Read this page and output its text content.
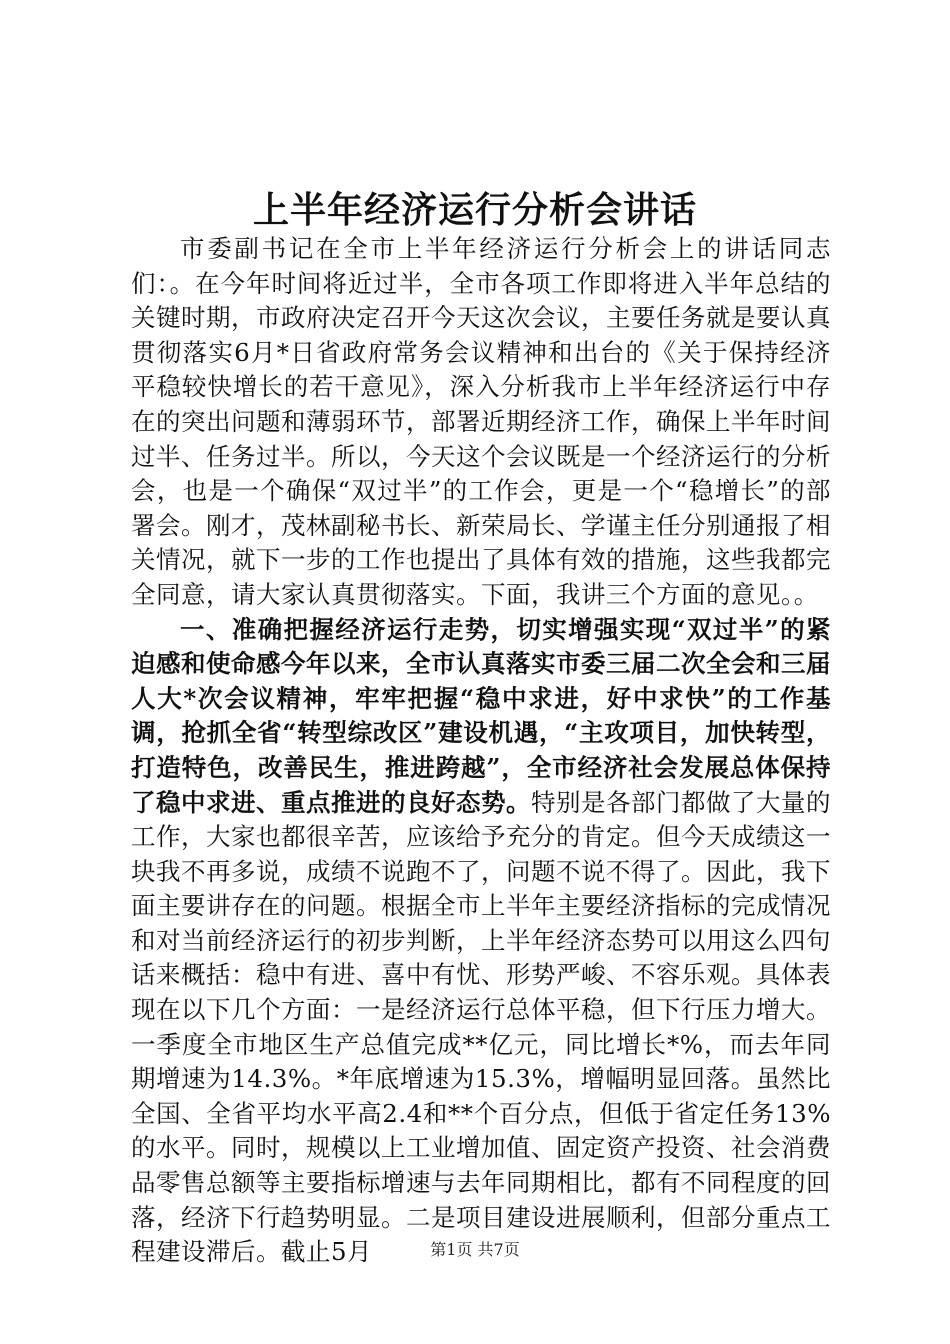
上半年经济运行分析会讲话

市委副书记在全市上半年经济运行分析会上的讲话同志们：。在今年时间将近过半，全市各项工作即将进入半年总结的关键时期，市政府决定召开今天这次会议，主要任务就是要认真贯彻落实6月*日省政府常务会议精神和出台的《关于保持经济平稳较快增长的若干意见》，深入分析我市上半年经济运行中存在的突出问题和薄弱环节，部署近期经济工作，确保上半年时间过半、任务过半。所以，今天这个会议既是一个经济运行的分析会，也是一个确保“双过半”的工作会，更是一个“稳增长”的部署会。刚才，茂林副秘书长、新荣局长、学谨主任分别通报了相关情况，就下一步的工作也提出了具体有效的措施，这些我都完全同意，请大家认真贯彻落实。下面，我讲三个方面的意见。。

一、准确把握经济运行走势，切实增强实现“双过半”的紧迫感和使命感今年以来，全市认真落实市委三届二次全会和三届人大*次会议精神，牢牢把握“稳中求进，好中求快”的工作基调，抢抓全省“转型综改区”建设机遇，“主攻项目，加快转型，打造特色，改善民生，推进跨越”，全市经济社会发展总体保持了稳中求进、重点推进的良好态势。特别是各部门都做了大量的工作，大家也都很辛苦，应该给予充分的肯定。但今天成绩这一块我不再多说，成绩不说跑不了，问题不说不得了。因此，我下面主要讲存在的问题。根据全市上半年主要经济指标的完成情况和对当前经济运行的初步判断，上半年经济态势可以用这么四句话来概括：稳中有进、喜中有忧、形势严峻、不容乐观。具体表现在以下几个方面：一是经济运行总体平稳，但下行压力增大。一季度全市地区生产总值完成**亿元，同比增长*%，而去年同期增速为14.3%。*年底增速为15.3%，增幅明显回落。虽然比全国、全省平均水平高2.4和**个百分点，但低于省定任务13%的水平。同时，规模以上工业增加值、固定资产投资、社会消费品零售总额等主要指标增速与去年同期相比，都有不同程度的回落，经济下行趋势明显。二是项目建设进展顺利，但部分重点工程建设滞后。截止5月	第1页 共7页
